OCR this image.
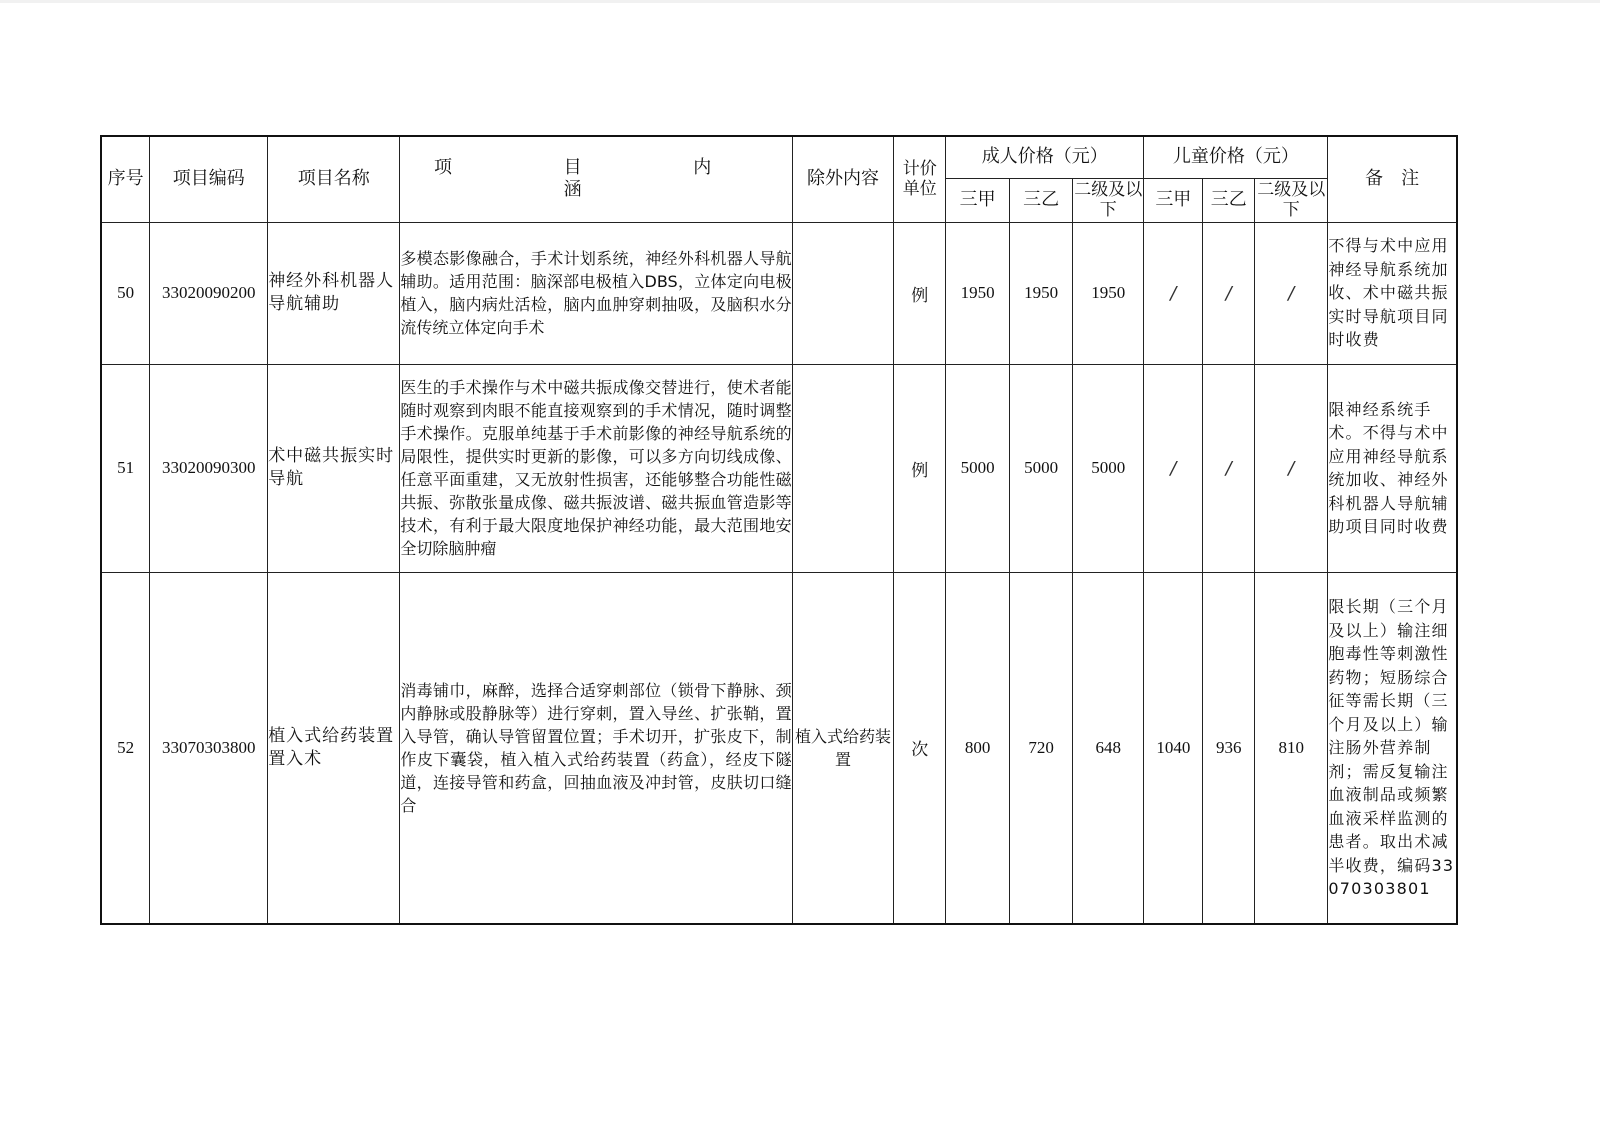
序号	项目编码	项目名称	项　目　内　涵	除外内容	计价单位	成人价格（元）			儿童价格（元）			备　注
						三甲	三乙	二级及以下	三甲	三乙	二级及以下	
50	33020090200	神经外科机器人导航辅助	多模态影像融合，手术计划系统，神经外科机器人导航辅助。适用范围：脑深部电极植入DBS，立体定向电极植入，脑内病灶活检，脑内血肿穿刺抽吸，及脑积水分流传统立体定向手术		例	1950	1950	1950	/	/	/	不得与术中应用神经导航系统加收、术中磁共振实时导航项目同时收费
51	33020090300	术中磁共振实时导航	医生的手术操作与术中磁共振成像交替进行，使术者能随时观察到肉眼不能直接观察到的手术情况，随时调整手术操作。克服单纯基于手术前影像的神经导航系统的局限性，提供实时更新的影像，可以多方向切线成像、任意平面重建，又无放射性损害，还能够整合功能性磁共振、弥散张量成像、磁共振波谱、磁共振血管造影等技术，有利于最大限度地保护神经功能，最大范围地安全切除脑肿瘤		例	5000	5000	5000	/	/	/	限神经系统手术。不得与术中应用神经导航系统加收、神经外科机器人导航辅助项目同时收费
52	33070303800	植入式给药装置置入术	消毒铺巾，麻醉，选择合适穿刺部位（锁骨下静脉、颈内静脉或股静脉等）进行穿刺，置入导丝、扩张鞘，置入导管，确认导管留置位置；手术切开，扩张皮下，制作皮下囊袋，植入植入式给药装置（药盒），经皮下隧道，连接导管和药盒，回抽血液及冲封管，皮肤切口缝合	植入式给药装置	次	800	720	648	1040	936	810	限长期（三个月及以上）输注细胞毒性等刺激性药物；短肠综合征等需长期（三个月及以上）输注肠外营养制剂；需反复输注血液制品或频繁血液采样监测的患者。取出术减半收费，编码33070303801
